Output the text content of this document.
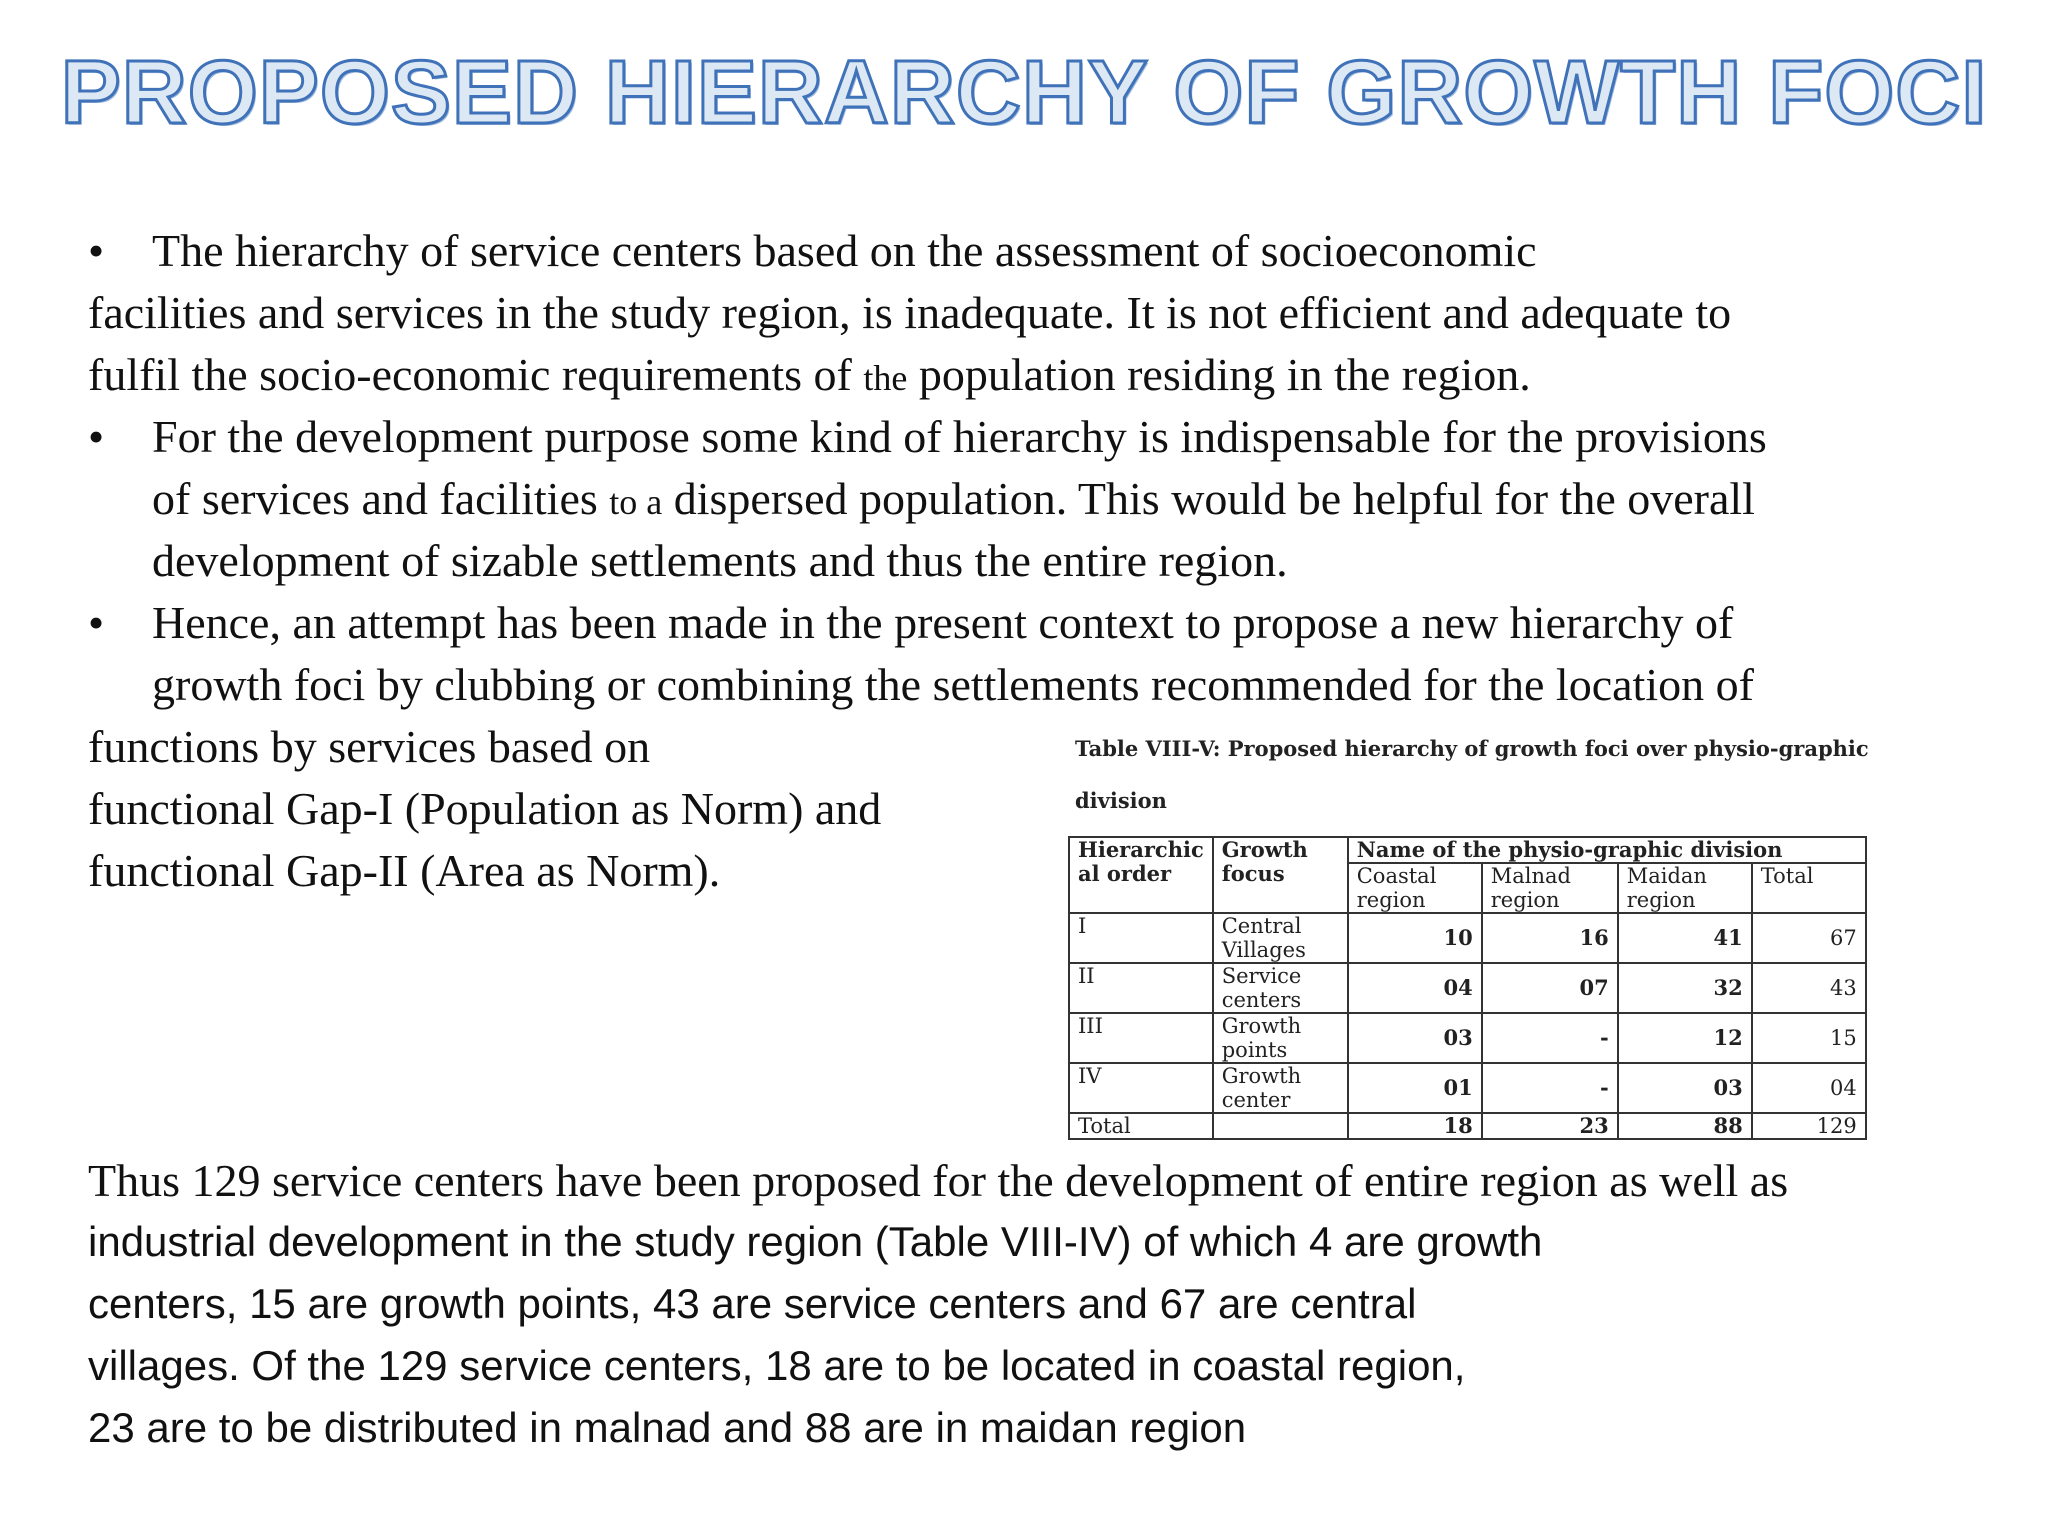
PROPOSED HIERARCHY OF GROWTH FOCI
• The hierarchy of service centers based on the assessment of socioeconomic
facilities and services in the study region, is inadequate. It is not efficient and adequate to
fulfil the socio-economic requirements of the population residing in the region.
• For the development purpose some kind of hierarchy is indispensable for the provisions
of services and facilities to a dispersed population. This would be helpful for the overall
development of sizable settlements and thus the entire region.
• Hence, an attempt has been made in the present context to propose a new hierarchy of
growth foci by clubbing or combining the settlements recommended for the location of
functions by services based on
functional Gap-I (Population as Norm) and
functional Gap-II (Area as Norm).
Thus 129 service centers have been proposed for the development of entire region as well as
Table VIII-V: Proposed hierarchy of growth foci over physio-graphic
division
Hierarchic al order	Growth focus	Name of the physio-graphic division			
		Coastal region	Malnad region	Maidan region	Total
I	Central Villages	10	16	41	67
II	Service centers	04	07	32	43
III	Growth points	03	-	12	15
IV	Growth center	01	-	03	04
Total		18	23	88	129
industrial development in the study region (Table VIII-IV) of which 4 are growth
centers, 15 are growth points, 43 are service centers and 67 are central
villages. Of the 129 service centers, 18 are to be located in coastal region,
23 are to be distributed in malnad and 88 are in maidan region
